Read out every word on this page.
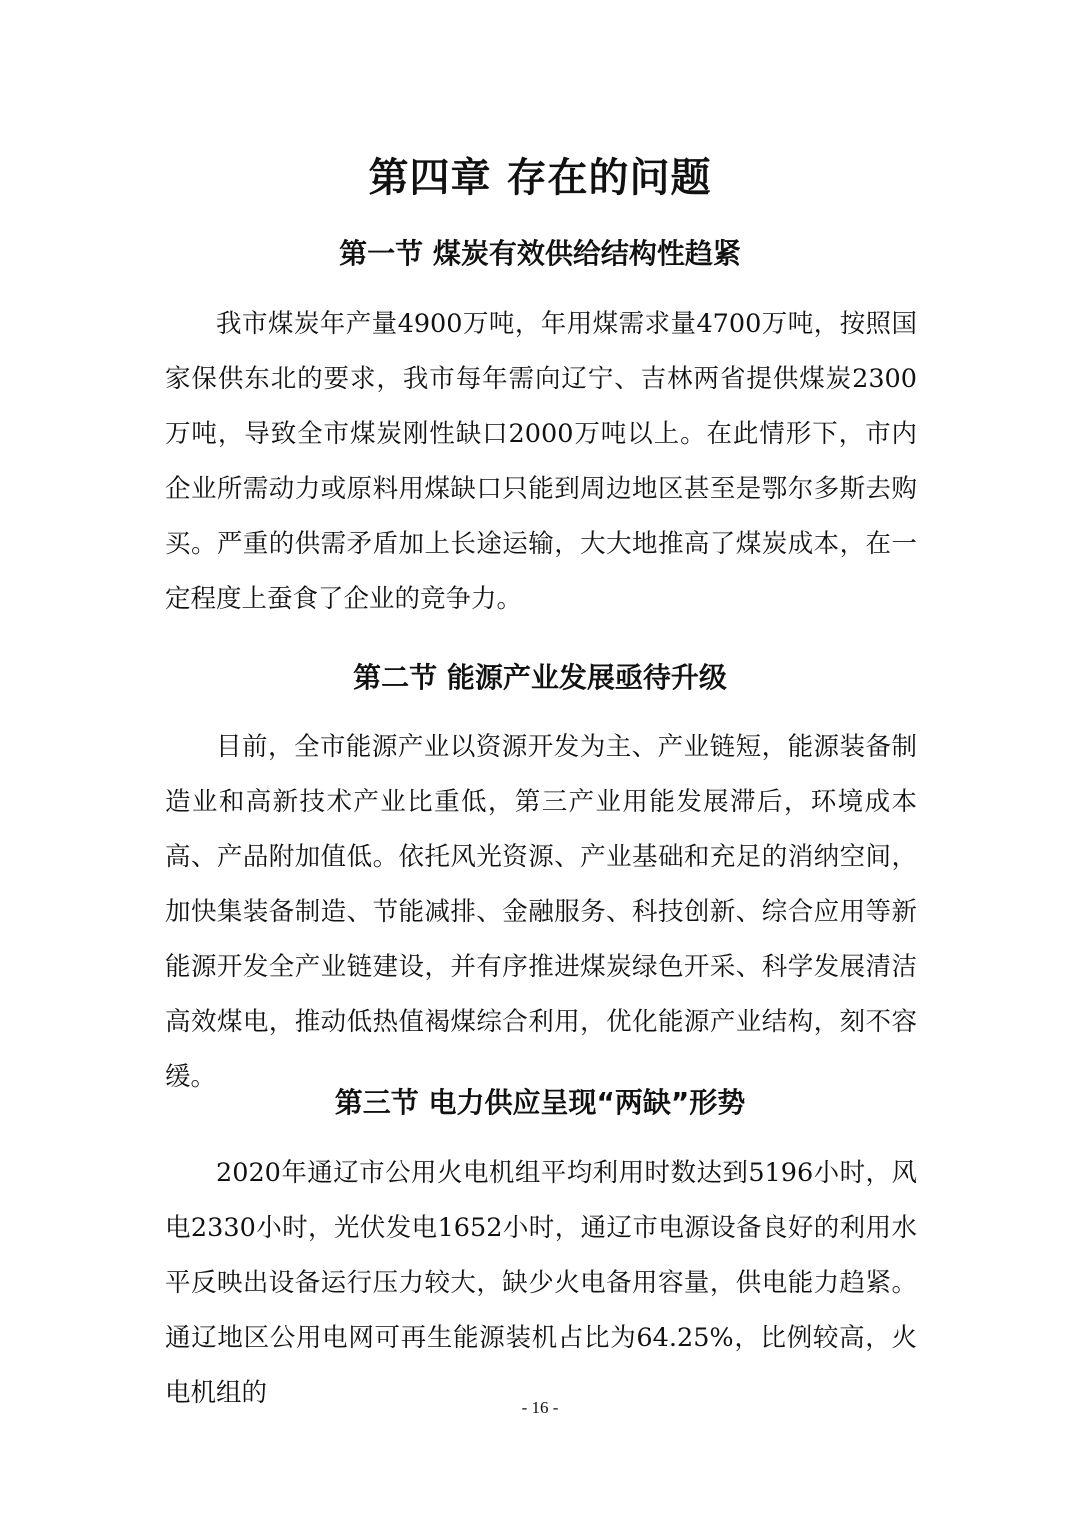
第四章 存在的问题
第一节 煤炭有效供给结构性趋紧

我市煤炭年产量4900万吨，年用煤需求量4700万吨，按照国家保供东北的要求，我市每年需向辽宁、吉林两省提供煤炭2300万吨，导致全市煤炭刚性缺口2000万吨以上。在此情形下，市内企业所需动力或原料用煤缺口只能到周边地区甚至是鄂尔多斯去购买。严重的供需矛盾加上长途运输，大大地推高了煤炭成本，在一定程度上蚕食了企业的竞争力。

第二节 能源产业发展亟待升级

目前，全市能源产业以资源开发为主、产业链短，能源装备制造业和高新技术产业比重低，第三产业用能发展滞后，环境成本高、产品附加值低。依托风光资源、产业基础和充足的消纳空间，加快集装备制造、节能减排、金融服务、科技创新、综合应用等新能源开发全产业链建设，并有序推进煤炭绿色开采、科学发展清洁高效煤电，推动低热值褐煤综合利用，优化能源产业结构，刻不容缓。

第三节 电力供应呈现“两缺”形势

2020年通辽市公用火电机组平均利用时数达到5196小时，风电2330小时，光伏发电1652小时，通辽市电源设备良好的利用水平反映出设备运行压力较大，缺少火电备用容量，供电能力趋紧。通辽地区公用电网可再生能源装机占比为64.25%，比例较高，火电机组的	- 16 -
